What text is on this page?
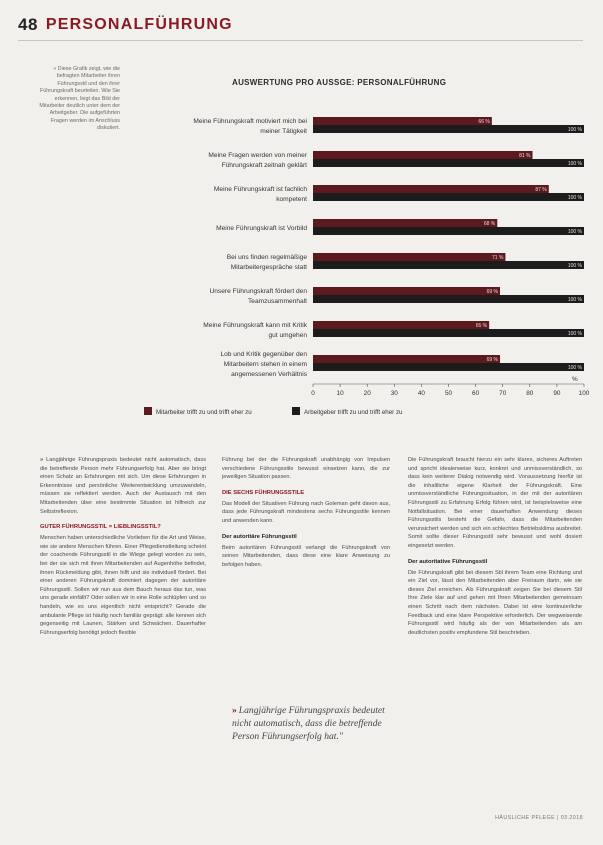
48 PERSONALFÜHRUNG
» Diese Grafik zeigt, wie die befragten Mitarbeiter ihren Führungsstil und den ihrer Führungskraft beurteilen. Wie Sie erkennen, liegt das Bild der Mitarbeiter deutlich unter dem der Arbeitgeber. Die aufgeführten Fragen werden im Anschluss diskutiert.
AUSWERTUNG PRO AUSSGE: PERSONALFÜHRUNG
Meine Führungskraft motiviert mich bei meiner Tätigkeit
66 %
100 %
Meine Fragen werden von meiner Führungskraft zeitnah geklärt
81 %
100 %
Meine Führungskraft ist fachlich kompetent
87 %
100 %
Meine Führungskraft ist Vorbild
68 %
100 %
Bei uns finden regelmäßige Mitarbeitergespräche statt
71 %
100 %
Unsere Führungskraft fördert den Teamzusammenhalt
69 %
100 %
Meine Führungskraft kann mit Kritik gut umgehen
65 %
100 %
Lob und Kritik gegenüber den Mitarbeitern stehen in einem angemessenen Verhältnis
69 %
100 %
0	10	20	30	40	50	60	70	80	90	100
%
Mitarbeiter trifft zu und trifft eher zu	Arbeitgeber trifft zu und trifft eher zu
» Langjährige Führungspraxis bedeutet nicht automatisch, dass die betreffende Person Führungserfolg hat."

» Langjährige Führungspraxis bedeutet nicht automatisch, dass die betreffende Person mehr Führungserfolg hat. Aber sie bringt einen Schatz an Erfahrungen mit sich. Um diese Erfahrungen in Erkenntnisse und persönliche Weiterentwicklung umzuwandeln, müssen sie reflektiert werden. Auch der Austausch mit den Mitarbeitenden über eine bestimmte Situation ist hilfreich zur Selbstreflexion.

GUTER FÜHRUNGSSTIL = LIEBLINGSSTIL?

Menschen haben unterschiedliche Vorlieben für die Art und Weise, wie sie andere Menschen führen. Einer Pflegedienstleitung scheint der coachende Führungsstil in die Wiege gelegt worden zu sein, bei der sie sich mit ihren Mitarbeitenden auf Augenhöhe befindet, ihnen Rückmeldung gibt, ihnen hilft und sie individuell fördert. Bei einer anderen Führungskraft dominiert dagegen der autoritäre Führungsstil. Sollen wir nun aus dem Bauch heraus das tun, was uns gerade einfällt? Oder sollen wir in eine Rolle schlüpfen und so handeln, wie es uns eigentlich nicht entspricht? Gerade die ambulante Pflege ist häufig noch familiär geprägt: alle kennen sich gegenseitig mit Launen, Stärken und Schwächen. Dauerhafter Führungserfolg benötigt jedoch flexible

Führung bei der die Führungskraft unabhängig von Impulsen verschiedene Führungsstile bewusst einsetzen kann, die zur jeweiligen Situation passen.

DIE SECHS FÜHRUNGSSTILE

Das Modell der Situativen Führung nach Goleman geht davon aus, dass jede Führungskraft mindestens sechs Führungsstile kennen und anwenden kann.

Der autoritäre Führungsstil

Beim autoritären Führungsstil verlangt die Führungskraft von seinen Mitarbeitenden, dass diese eine klare Anweisung zu befolgen haben.

Die Führungskraft braucht hierzu ein sehr klares, sicheres Auftreten und spricht idealerweise kurz, konkret und unmissverständlich, so dass kein weiterer Dialog notwendig wird. Voraussetzung hierfür ist die inhaltliche eigene Klarheit der Führungskraft. Eine unmissverständliche Führungssituation, in der mit der autoritären Führungsstil zu Erfahrung Erfolg führen wird, ist beispielsweise eine Notfallsituation. Bei einer dauerhaften Anwendung dieses Führungsstils besteht die Gefahr, dass die Mitarbeitenden verunsichert werden und sich ein schlechtes Betriebsklima ausbreitet. Somit sollte dieser Führungsstil sehr bewusst und wohl dosiert eingesetzt werden.

Der autoritative Führungsstil

Die Führungskraft gibt bei diesem Stil ihrem Team eine Richtung und ein Ziel vor, lässt den Mitarbeitenden aber Freiraum darin, wie sie dieses Ziel erreichen. Als Führungskraft zeigen Sie bei diesem Stil Ihre Ziele klar auf und gehen mit Ihren Mitarbeitenden gemeinsam einen Schritt nach dem nächsten. Dabei ist eine kontinuierliche Feedback und eine klare Perspektive erforderlich. Der wegweisende Führungsstil wird häufig als der von Mitarbeitenden als am deutlichsten positiv empfundene Stil beschrieben.

HÄUSLICHE PFLEGE | 03.2018
